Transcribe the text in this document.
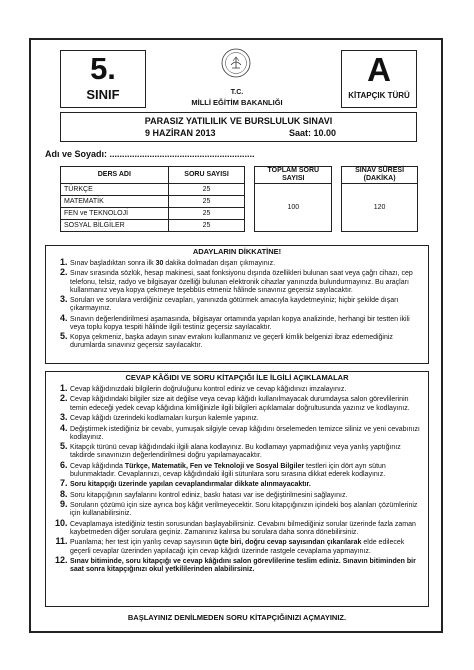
5.
SINIF	T.C.
MİLLİ EĞİTİM BAKANLIĞI
A
KİTAPÇIK TÜRÜ
PARASIZ YATILILIK VE BURSLULUK SINAVI
9 HAZİRAN 2013	Saat: 10.00
Adı ve Soyadı: ..........................................................
DERS ADI	SORU SAYISI		TOPLAM SORU SAYISI		SINAV SÜRESİ (DAKİKA)
TÜRKÇE	25		100		120
MATEMATİK	25				
FEN ve TEKNOLOJİ	25				
SOSYAL BİLGİLER	25				
ADAYLARIN DİKKATİNE!
1. Sınav başladıktan sonra ilk 30 dakika dolmadan dışarı çıkmayınız.
2. Sınav sırasında sözlük, hesap makinesi, saat fonksiyonu dışında özellikleri bulunan saat veya çağrı cihazı, cep telefonu, telsiz, radyo ve bilgisayar özelliği bulunan elektronik cihazlar yanınızda bulundurmayınız. Bu araçları kullanmanız veya kopya çekmeye teşebbüs etmeniz hâlinde sınavınız geçersiz sayılacaktır.
3. Soruları ve sorulara verdiğiniz cevapları, yanınızda götürmek amacıyla kaydetmeyiniz; hiçbir şekilde dışarı çıkarmayınız.
4. Sınavın değerlendirilmesi aşamasında, bilgisayar ortamında yapılan kopya analizinde, herhangi bir testten ikili veya toplu kopya tespiti hâlinde ilgili testiniz geçersiz sayılacaktır.
5. Kopya çekmeniz, başka adayın sınav evrakını kullanmanız ve geçerli kimlik belgenizi ibraz edemediğiniz durumlarda sınavınız geçersiz sayılacaktır.
CEVAP KÂĞIDI VE SORU KİTAPÇIĞI İLE İLGİLİ AÇIKLAMALAR
1. Cevap kâğıdınızdaki bilgilerin doğruluğunu kontrol ediniz ve cevap kâğıdınızı imzalayınız.
2. Cevap kâğıdındaki bilgiler size ait değilse veya cevap kâğıdı kullanılmayacak durumdaysa salon görevlilerinin temin edeceği yedek cevap kâğıdına kimliğinizle ilgili bilgileri açıklamalar doğrultusunda yazınız ve kodlayınız.
3. Cevap kâğıdı üzerindeki kodlamaları kurşun kalemle yapınız.
4. Değiştirmek istediğiniz bir cevabı, yumuşak silgiyle cevap kâğıdını örselemeden temizce siliniz ve yeni cevabınızı kodlayınız.
5. Kitapçık türünü cevap kâğıdındaki ilgili alana kodlayınız. Bu kodlamayı yapmadığınız veya yanlış yaptığınız takdirde sınavınızın değerlendirilmesi doğru yapılamayacaktır.
6. Cevap kâğıdında Türkçe, Matematik, Fen ve Teknoloji ve Sosyal Bilgiler testleri için dört ayrı sütun bulunmaktadır. Cevaplarınızı, cevap kâğıdındaki ilgili sütunlara soru sırasına dikkat ederek kodlayınız.
7. Soru kitapçığı üzerinde yapılan cevaplandırmalar dikkate alınmayacaktır.
8. Soru kitapçığının sayfalarını kontrol ediniz, baskı hatası var ise değiştirilmesini sağlayınız.
9. Soruların çözümü için size ayrıca boş kâğıt verilmeyecektir. Soru kitapçığınızın içindeki boş alanları çözümleriniz için kullanabilirsiniz.
10. Cevaplamaya istediğiniz testin sorusundan başlayabilirsiniz. Cevabını bilmediğiniz sorular üzerinde fazla zaman kaybetmeden diğer sorulara geçiniz. Zamanınız kalırsa bu sorulara daha sonra dönebilirsiniz.
11. Puanlama; her test için yanlış cevap sayısının üçte biri, doğru cevap sayısından çıkarılarak elde edilecek geçerli cevaplar üzerinden yapılacağı için cevap kâğıdı üzerinde rastgele cevaplama yapmayınız.
12. Sınav bitiminde, soru kitapçığı ve cevap kâğıdını salon görevlilerine teslim ediniz. Sınavın bitiminden bir saat sonra kitapçığınızı okul yetkililerinden alabilirsiniz.
BAŞLAYINIZ DENİLMEDEN SORU KİTAPÇIĞINIZI AÇMAYINIZ.
